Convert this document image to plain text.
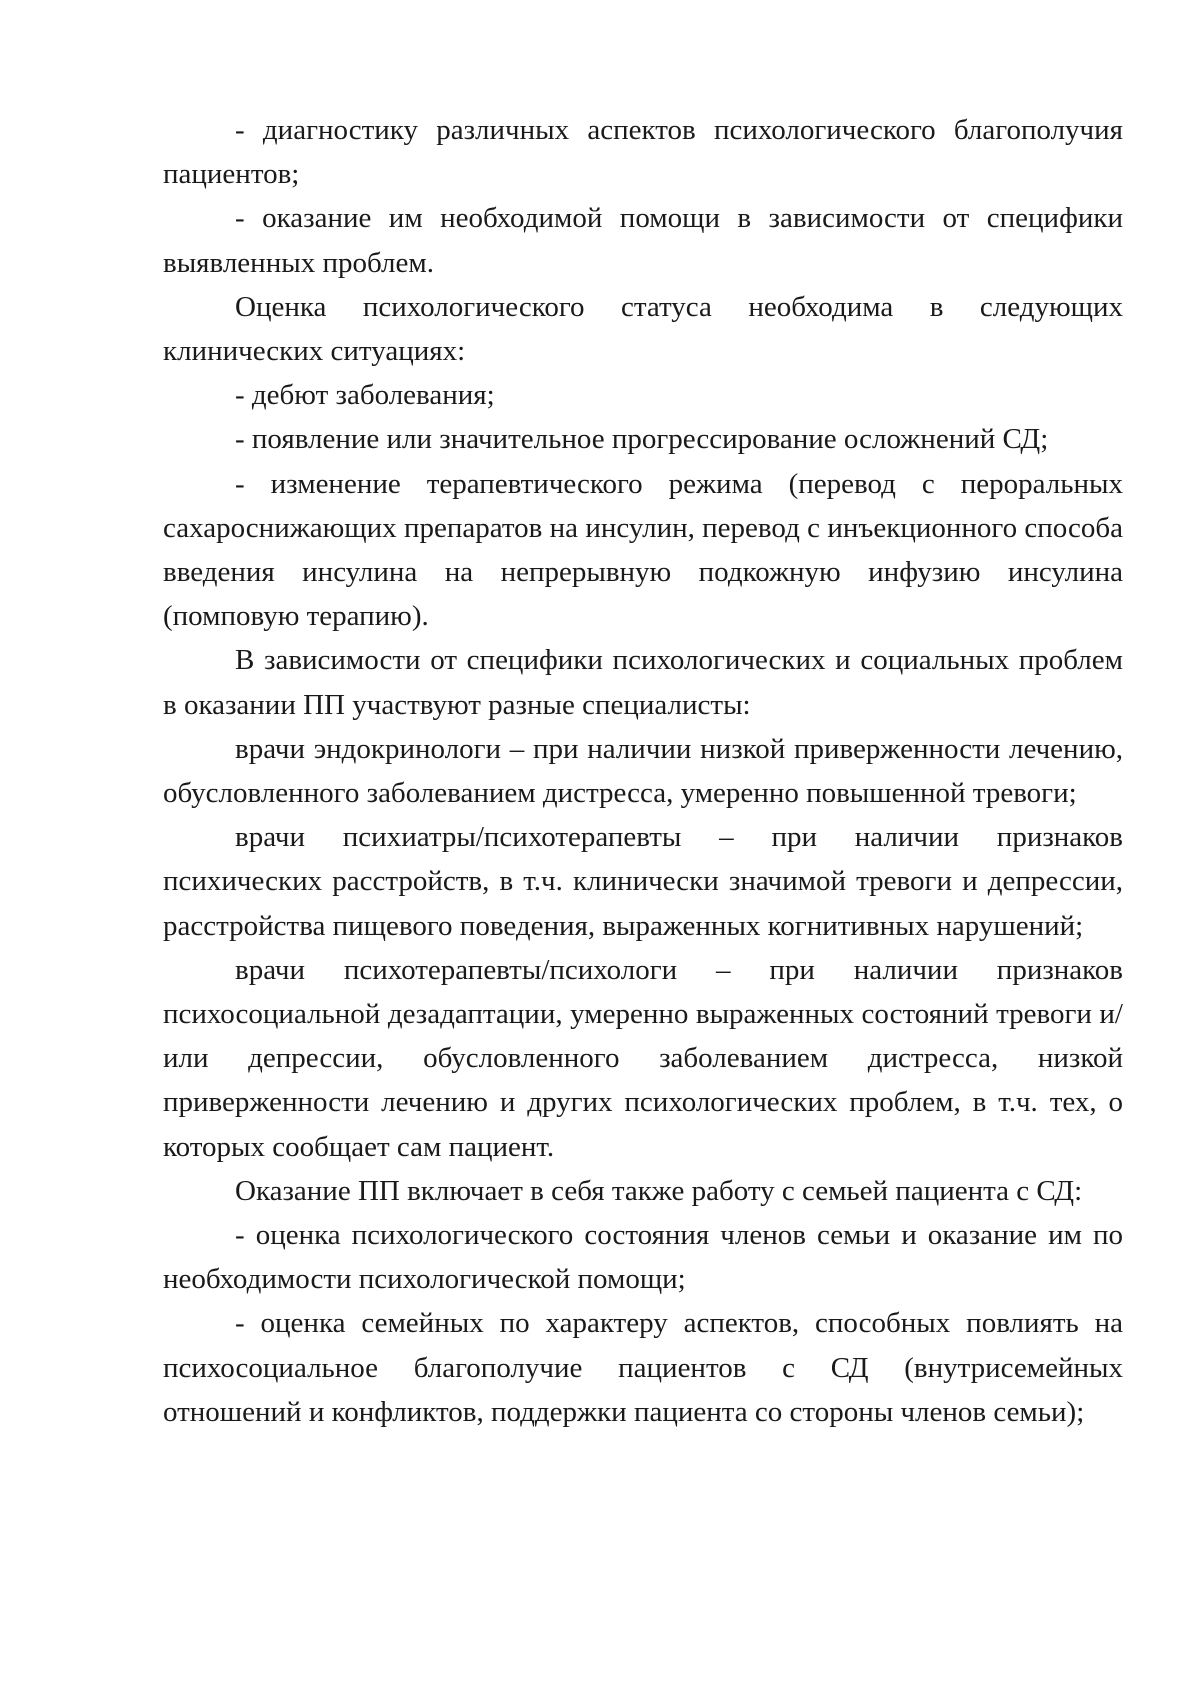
- диагностику различных аспектов психологического благополучия пациентов;

- оказание им необходимой помощи в зависимости от специфики выявленных проблем.

Оценка психологического статуса необходима в следующих клинических ситуациях:

- дебют заболевания;

- появление или значительное прогрессирование осложнений СД;

- изменение терапевтического режима (перевод с пероральных сахароснижающих препаратов на инсулин, перевод с инъекционного способа введения инсулина на непрерывную подкожную инфузию инсулина (помповую терапию).

В зависимости от специфики психологических и социальных проблем в оказании ПП участвуют разные специалисты:

врачи эндокринологи – при наличии низкой приверженности лечению, обусловленного заболеванием дистресса, умеренно повышенной тревоги;

врачи психиатры/психотерапевты – при наличии признаков психических расстройств, в т.ч. клинически значимой тревоги и депрессии, расстройства пищевого поведения, выраженных когнитивных нарушений;

врачи психотерапевты/психологи – при наличии признаков психосоциальной дезадаптации, умеренно выраженных состояний тревоги и/или депрессии, обусловленного заболеванием дистресса, низкой приверженности лечению и других психологических проблем, в т.ч. тех, о которых сообщает сам пациент.

Оказание ПП включает в себя также работу с семьей пациента с СД:

- оценка психологического состояния членов семьи и оказание им по необходимости психологической помощи;

- оценка семейных по характеру аспектов, способных повлиять на психосоциальное благополучие пациентов с СД (внутрисемейных отношений и конфликтов, поддержки пациента со стороны членов семьи);
